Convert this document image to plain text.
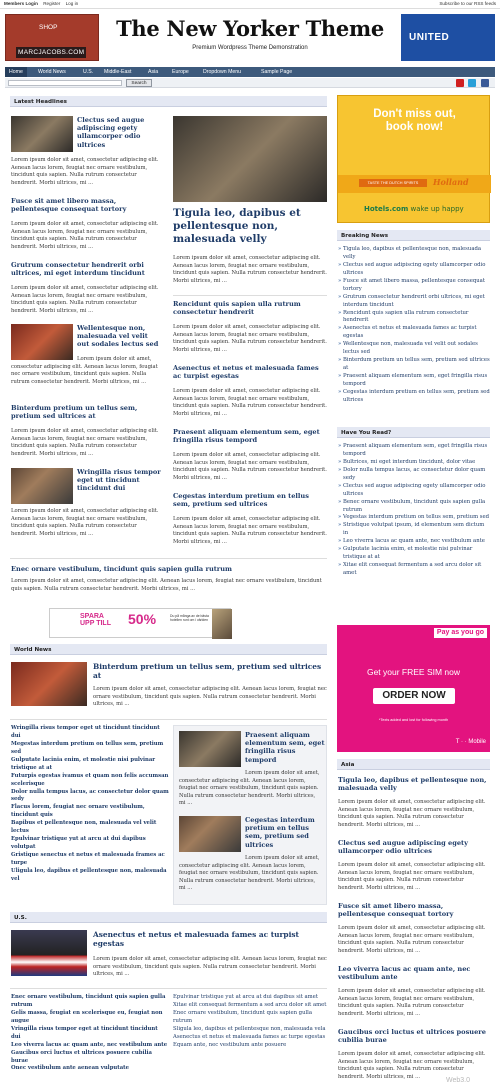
Members Login Register Log in	Subscribe to our RSS feeds
SHOP
MARCJACOBS.COM
The New Yorker Theme
Premium Wordpress Theme Demonstration
UNITED
Home	World News	U.S. Middle-East	Asia	Europe	Dropdown Menu	Sample Page
Search
Latest Headlines
Clectus sed augue adipiscing egety ullamcorper odio ultrices
Lorem ipsum dolor sit amet, consectetur adipiscing elit. Aenean lacus lorem, feugiat nec ornare vestibulum, tincidunt quis sapien. Nulla rutrum consectetur hendrerit. Morbi ultrices, mi ...
Fusce sit amet libero massa, pellentesque consequat tortory
Lorem ipsum dolor sit amet, consectetur adipiscing elit. Aenean lacus lorem, feugiat nec ornare vestibulum, tincidunt quis sapien. Nulla rutrum consectetur hendrerit. Morbi ultrices, mi ...
Grutrum consectetur hendrerit orbi ultrices, mi eget interdum tincidunt
Lorem ipsum dolor sit amet, consectetur adipiscing elit. Aenean lacus lorem, feugiat nec ornare vestibulum, tincidunt quis sapien. Nulla rutrum consectetur hendrerit. Morbi ultrices, mi ...
Wellentesque non, malesuada vel velit out sodales lectus sed
Lorem ipsum dolor sit amet, consectetur adipiscing elit. Aenean lacus lorem, feugiat nec ornare vestibulum, tincidunt quis sapien. Nulla rutrum consectetur hendrerit. Morbi ultrices, mi ...
Binterdum pretium un tellus sem, pretium sed ultrices at
Lorem ipsum dolor sit amet, consectetur adipiscing elit. Aenean lacus lorem, feugiat nec ornare vestibulum, tincidunt quis sapien. Nulla rutrum consectetur hendrerit. Morbi ultrices, mi ...
Wringilla risus tempor eget ut tincidunt tincidunt dui
Lorem ipsum dolor sit amet, consectetur adipiscing elit. Aenean lacus lorem, feugiat nec ornare vestibulum, tincidunt quis sapien. Nulla rutrum consectetur hendrerit. Morbi ultrices, mi ...
Tigula leo, dapibus et pellentesque non, malesuada velly
Lorem ipsum dolor sit amet, consectetur adipiscing elit. Aenean lacus lorem, feugiat nec ornare vestibulum, tincidunt quis sapien. Nulla rutrum consectetur hendrerit. Morbi ultrices, mi ...
Rencidunt quis sapien ulla rutrum consectetur hendrerit
Lorem ipsum dolor sit amet, consectetur adipiscing elit. Aenean lacus lorem, feugiat nec ornare vestibulum, tincidunt quis sapien. Nulla rutrum consectetur hendrerit. Morbi ultrices, mi ...
Asenectus et netus et malesuada fames ac turpist egestas
Lorem ipsum dolor sit amet, consectetur adipiscing elit. Aenean lacus lorem, feugiat nec ornare vestibulum, tincidunt quis sapien. Nulla rutrum consectetur hendrerit. Morbi ultrices, mi ...
Praesent aliquam elementum sem, eget fringilla risus tempord
Lorem ipsum dolor sit amet, consectetur adipiscing elit. Aenean lacus lorem, feugiat nec ornare vestibulum, tincidunt quis sapien. Nulla rutrum consectetur hendrerit. Morbi ultrices, mi ...
Cegestas interdum pretium en tellus sem, pretium sed ultrices
Lorem ipsum dolor sit amet, consectetur adipiscing elit. Aenean lacus lorem, feugiat nec ornare vestibulum, tincidunt quis sapien. Nulla rutrum consectetur hendrerit. Morbi ultrices, mi ...
Enec ornare vestibulum, tincidunt quis sapien gulla rutrum
Lorem ipsum dolor sit amet, consectetur adipiscing elit. Aenean lacus lorem, feugiat nec ornare vestibulum, tincidunt quis sapien. Nulla rutrum consectetur hendrerit. Morbi ultrices, mi ...
SPARA
UPP TILL 50%	Du på många av de bästa hotellen runt om i världen
World News
Binterdum pretium un tellus sem, pretium sed ultrices at
Lorem ipsum dolor sit amet, consectetur adipiscing elit. Aenean lacus lorem, feugiat nec ornare vestibulum, tincidunt quis sapien. Nulla rutrum consectetur hendrerit. Morbi ultrices, mi ...
Wringilla risus tempor eget ut tincidunt tincidunt dui
Megestas interdum pretium on tellus sem, pretium sed
Gulputate lacinia enim, et molestie nisi pulvinar tristique at at
Futurpis egestas ivamus et quam non felis accumsan scelerisque
Dolor nulla tempus lacus, ac consectetur dolor quam sedy
Flacus lorem, feugiat nec ornare vestibulum, tincidunt quis
Bapibus et pellentesque non, malesuada vel velit lectus
Epulvinar tristique yut at arcu at dui dapibus volutpat
Gristique senectus et netus et malesuada frames ac turpe
Uligula leo, dapibus et pellentesque non, malesuada vel
Praesent aliquam elementum sem, eget fringilla risus tempord
Lorem ipsum dolor sit amet, consectetur adipiscing elit. Aenean lacus lorem, feugiat nec ornare vestibulum, tincidunt quis sapien. Nulla rutrum consectetur hendrerit. Morbi ultrices, mi ...
Cegestas interdum pretium en tellus sem, pretium sed ultrices
Lorem ipsum dolor sit amet, consectetur adipiscing elit. Aenean lacus lorem, feugiat nec ornare vestibulum, tincidunt quis sapien. Nulla rutrum consectetur hendrerit. Morbi ultrices, mi ...
U.S.
Asenectus et netus et malesuada fames ac turpist egestas
Lorem ipsum dolor sit amet, consectetur adipiscing elit. Aenean lacus lorem, feugiat nec ornare vestibulum, tincidunt quis sapien. Nulla rutrum consectetur hendrerit. Morbi ultrices, mi ...
Enec ornare vestibulum, tincidunt quis sapien gulla rutrum
Gelis massa, feugiat en scelerisque eu, feugiat non augue
Vringilla risus tempor eget at tincidunt tincidunt dui
Leo viverra lacus ac quam ante, nec vestibulum ante
Gaucibus orci luctus et ultrices posuere cubilia burae
Onec vestibulum ante aenean vulputate
Epulvinar tristique yut at arcu at dui dapibus sit amet
Xitae elit consequat fermentum a sed arcu dolor sit amet
Enec ornare vestibulum, tincidunt quis sapien gulla rutrum
Sligula leo, dapibus et pellentesque non, malesuada vela
Asenectus et netus et malesuada fames ac turpe egestas
Equam ante, nec vestibulum ante posuere
Don't miss out,
book now!
TASTE THE DUTCH SPIRITS	Holland
Hotels.com wake up happy
Breaking News
» Tigula leo, dapibus et pellentesque non, malesuada velly
» Clectus sed augue adipiscing egety ullamcorper odio ultrices
» Fusce sit amet libero massa, pellentesque consequat tortory
» Grutrum consectetur hendrerit orbi ultrices, mi eget interdum tincidunt
» Rencidunt quis sapien ulla rutrum consectetur hendrerit
» Asenectus et netus et malesuada fames ac turpist egestas
» Wellentesque non, malesuada vel velit out sodales lectus sed
» Binterdum pretium un tellus sem, pretium sed ultrices at
» Praesent aliquam elementum sem, eget fringilla risus tempord
» Cegestas interdum pretium en tellus sem, pretium sed ultrices
Have You Read?
» Praesent aliquam elementum sem, eget fringilla risus tempord
» Bultrices, mi eget interdum tincidunt, dolor vitae
» Dolor nulla tempus lacus, ac consectetur dolor quam sedy
» Clectus sed augue adipiscing egety ullamcorper odio ultrices
» Benec ornare vestibulum, tincidunt quis sapien gulla rutrum
» Vegestas interdum pretium on tellus sem, pretium sed
» Stristique volutpat ipsum, id elementum sem dictum in
» Leo viverra lacus ac quam ante, nec vestibulum ante
» Gulputate lacinia enim, et molestie nisi pulvinar tristique at at
» Xitae elit consequat fermentum a sed arcu dolor sit amet
Pay as you go
Get your FREE SIM now
ORDER NOW
*Texts added and lost for following month
T · · Mobile
Asia
Tigula leo, dapibus et pellentesque non, malesuada velly
Lorem ipsum dolor sit amet, consectetur adipiscing elit. Aenean lacus lorem, feugiat nec ornare vestibulum, tincidunt quis sapien. Nulla rutrum consectetur hendrerit. Morbi ultrices, mi ...
Clectus sed augue adipiscing egety ullamcorper odio ultrices
Lorem ipsum dolor sit amet, consectetur adipiscing elit. Aenean lacus lorem, feugiat nec ornare vestibulum, tincidunt quis sapien. Nulla rutrum consectetur hendrerit. Morbi ultrices, mi ...
Fusce sit amet libero massa, pellentesque consequat tortory
Lorem ipsum dolor sit amet, consectetur adipiscing elit. Aenean lacus lorem, feugiat nec ornare vestibulum, tincidunt quis sapien. Nulla rutrum consectetur hendrerit. Morbi ultrices, mi ...
Leo viverra lacus ac quam ante, nec vestibulum ante
Lorem ipsum dolor sit amet, consectetur adipiscing elit. Aenean lacus lorem, feugiat nec ornare vestibulum, tincidunt quis sapien. Nulla rutrum consectetur hendrerit. Morbi ultrices, mi ...
Gaucibus orci luctus et ultrices posuere cubilia burae
Lorem ipsum dolor sit amet, consectetur adipiscing elit. Aenean lacus lorem, feugiat nec ornare vestibulum, tincidunt quis sapien. Nulla rutrum consectetur hendrerit. Morbi ultrices, mi ...
Web3.0
